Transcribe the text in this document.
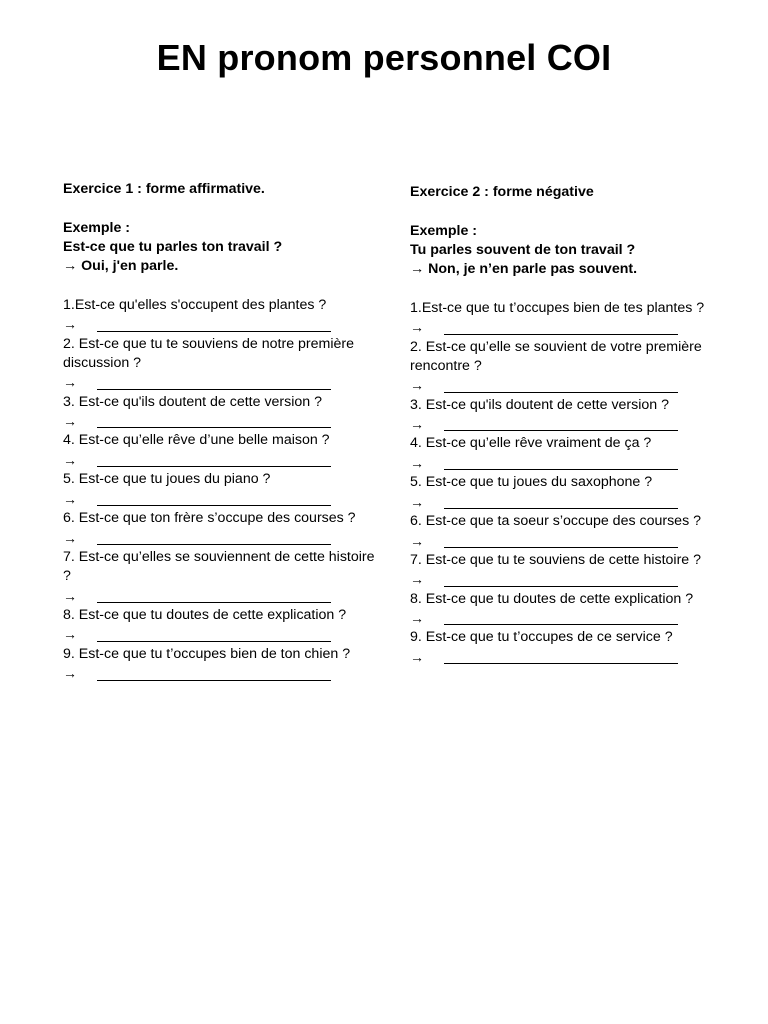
EN pronom personnel COI
Exercice 1 : forme affirmative.
Exemple :
Est-ce que tu parles ton travail ?
→ Oui, j'en parle.
1.Est-ce qu'elles s'occupent des plantes ?
→
2. Est-ce que tu te souviens de notre première discussion ?
→
3. Est-ce qu'ils doutent de cette version ?
→
4. Est-ce qu’elle rêve d’une belle maison ?
→
5. Est-ce que tu joues du piano ?
→
6. Est-ce que ton frère s’occupe des courses ?
→
7. Est-ce qu’elles se souviennent de cette histoire ?
→
8. Est-ce que tu doutes de cette explication ?
→
9. Est-ce que tu t’occupes bien de ton chien ?
→
Exercice 2 : forme négative
Exemple :
Tu parles souvent de ton travail ?
→ Non, je n’en parle pas souvent.
1.Est-ce que tu t’occupes bien de tes plantes ?
→
2. Est-ce qu’elle se souvient de votre première rencontre ?
→
3. Est-ce qu'ils doutent de cette version ?
→
4. Est-ce qu’elle rêve vraiment de ça ?
→
5. Est-ce que tu joues du saxophone ?
→
6. Est-ce que ta soeur s’occupe des courses ?
→
7. Est-ce que tu te souviens de cette histoire ?
→
8. Est-ce que tu doutes de cette explication ?
→
9. Est-ce que tu t’occupes de ce service ?
→
